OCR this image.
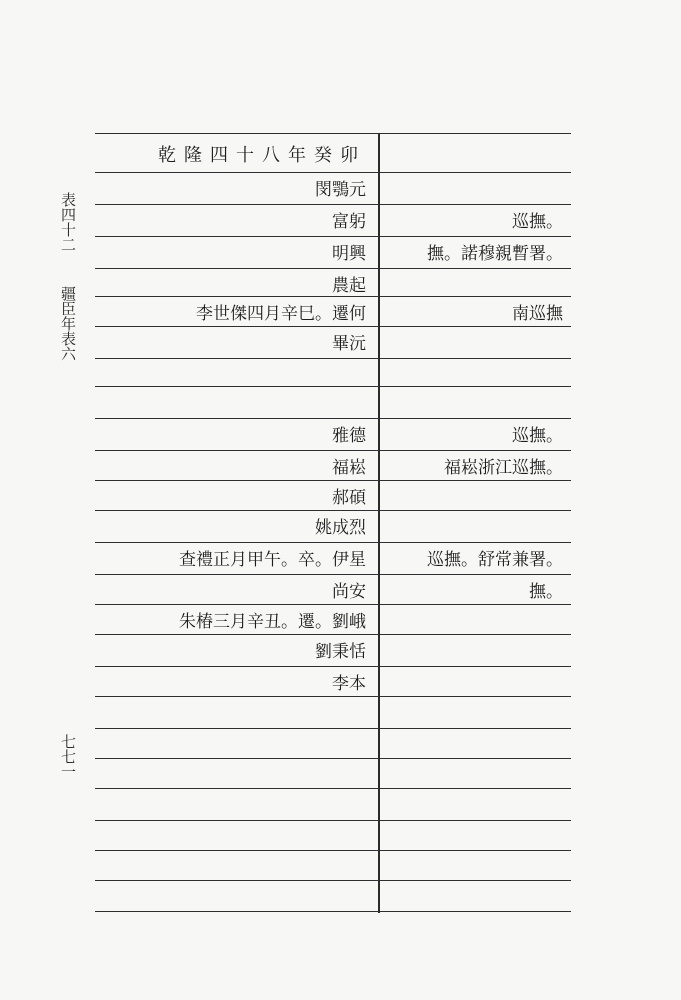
表四十二
疆臣年表六
七七一
乾隆四十八年癸卯
閔鶚元
富躬	巡撫。
明興	撫。諾穆親暫署。
農起
李世傑四月辛巳。遷何	南巡撫
畢沅
雅德	巡撫。
福崧	福崧浙江巡撫。
郝碩
姚成烈
查禮正月甲午。卒。伊星	巡撫。舒常兼署。
尚安	撫。
朱椿三月辛丑。遷。劉峨
劉秉恬
李本
